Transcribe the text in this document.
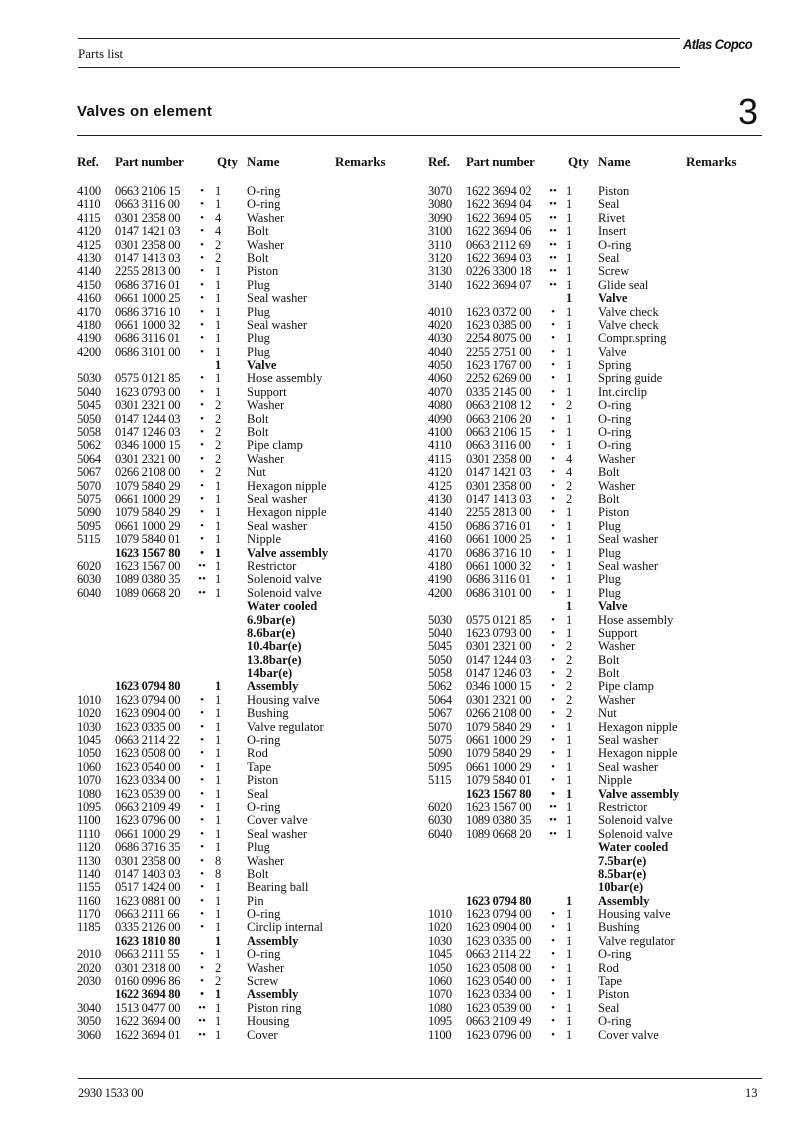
Parts list
Atlas Copco
Valves on element	3
Ref. Part number	Qty Name	Remarks
4100 0663 2106 15	• 1 O-ring
4110 0663 3116 00	• 1 O-ring
4115 0301 2358 00	• 4 Washer
4120 0147 1421 03	• 4 Bolt
4125 0301 2358 00	• 2 Washer
4130 0147 1413 03	• 2 Bolt
4140 2255 2813 00	• 1 Piston
4150 0686 3716 01	• 1 Plug
4160 0661 1000 25	• 1 Seal washer
4170 0686 3716 10	• 1 Plug
4180 0661 1000 32	• 1 Seal washer
4190 0686 3116 01	• 1 Plug
4200 0686 3101 00	• 1 Plug
1 Valve
5030 0575 0121 85	• 1 Hose assembly
5040 1623 0793 00	• 1 Support
5045 0301 2321 00	• 2 Washer
5050 0147 1244 03	• 2 Bolt
5058 0147 1246 03	• 2 Bolt
5062 0346 1000 15	• 2 Pipe clamp
5064 0301 2321 00	• 2 Washer
5067 0266 2108 00	• 2 Nut
5070 1079 5840 29	• 1 Hexagon nipple
5075 0661 1000 29	• 1 Seal washer
5090 1079 5840 29	• 1 Hexagon nipple
5095 0661 1000 29	• 1 Seal washer
5115 1079 5840 01	• 1 Nipple
1623 1567 80	• 1 Valve assembly
6020 1623 1567 00 •• 1 Restrictor
6030 1089 0380 35 •• 1 Solenoid valve
6040 1089 0668 20 •• 1 Solenoid valve
Water cooled
6.9bar(e)
8.6bar(e)
10.4bar(e)
13.8bar(e)
14bar(e)
1623 0794 80	1 Assembly
1010 1623 0794 00	• 1 Housing valve
1020 1623 0904 00	• 1 Bushing
1030 1623 0335 00	• 1 Valve regulator
1045 0663 2114 22	• 1 O-ring
1050 1623 0508 00	• 1 Rod
1060 1623 0540 00	• 1 Tape
1070 1623 0334 00	• 1 Piston
1080 1623 0539 00	• 1 Seal
1095 0663 2109 49	• 1 O-ring
1100 1623 0796 00	• 1 Cover valve
1110 0661 1000 29	• 1 Seal washer
1120 0686 3716 35	• 1 Plug
1130 0301 2358 00	• 8 Washer
1140 0147 1403 03	• 8 Bolt
1155 0517 1424 00	• 1 Bearing ball
1160 1623 0881 00	• 1 Pin
1170 0663 2111 66	• 1 O-ring
1185 0335 2126 00	• 1 Circlip internal
1623 1810 80	1 Assembly
2010 0663 2111 55	• 1 O-ring
2020 0301 2318 00	• 2 Washer
2030 0160 0996 86	• 2 Screw
1622 3694 80	• 1 Assembly
3040 1513 0477 00 •• 1 Piston ring
3050 1622 3694 00 •• 1 Housing
3060 1622 3694 01 •• 1 Cover
Ref. Part number	Qty Name	Remarks
3070 1622 3694 02 •• 1 Piston
3080 1622 3694 04 •• 1 Seal
3090 1622 3694 05 •• 1 Rivet
3100 1622 3694 06 •• 1 Insert
3110 0663 2112 69 •• 1 O-ring
3120 1622 3694 03 •• 1 Seal
3130 0226 3300 18 •• 1 Screw
3140 1622 3694 07 •• 1 Glide seal
1 Valve
4010 1623 0372 00	• 1 Valve check
4020 1623 0385 00	• 1 Valve check
4030 2254 8075 00	• 1 Compr.spring
4040 2255 2751 00	• 1 Valve
4050 1623 1767 00	• 1 Spring
4060 2252 6269 00	• 1 Spring guide
4070 0335 2145 00	• 1 Int.circlip
4080 0663 2108 12	• 2 O-ring
4090 0663 2106 20	• 1 O-ring
4100 0663 2106 15	• 1 O-ring
4110 0663 3116 00	• 1 O-ring
4115 0301 2358 00	• 4 Washer
4120 0147 1421 03	• 4 Bolt
4125 0301 2358 00	• 2 Washer
4130 0147 1413 03	• 2 Bolt
4140 2255 2813 00	• 1 Piston
4150 0686 3716 01	• 1 Plug
4160 0661 1000 25	• 1 Seal washer
4170 0686 3716 10	• 1 Plug
4180 0661 1000 32	• 1 Seal washer
4190 0686 3116 01	• 1 Plug
4200 0686 3101 00	• 1 Plug
1 Valve
5030 0575 0121 85	• 1 Hose assembly
5040 1623 0793 00	• 1 Support
5045 0301 2321 00	• 2 Washer
5050 0147 1244 03	• 2 Bolt
5058 0147 1246 03	• 2 Bolt
5062 0346 1000 15	• 2 Pipe clamp
5064 0301 2321 00	• 2 Washer
5067 0266 2108 00	• 2 Nut
5070 1079 5840 29	• 1 Hexagon nipple
5075 0661 1000 29	• 1 Seal washer
5090 1079 5840 29	• 1 Hexagon nipple
5095 0661 1000 29	• 1 Seal washer
5115 1079 5840 01	• 1 Nipple
1623 1567 80	• 1 Valve assembly
6020 1623 1567 00 •• 1 Restrictor
6030 1089 0380 35 •• 1 Solenoid valve
6040 1089 0668 20 •• 1 Solenoid valve
Water cooled
7.5bar(e)
8.5bar(e)
10bar(e)
1623 0794 80	1 Assembly
1010 1623 0794 00	• 1 Housing valve
1020 1623 0904 00	• 1 Bushing
1030 1623 0335 00	• 1 Valve regulator
1045 0663 2114 22	• 1 O-ring
1050 1623 0508 00	• 1 Rod
1060 1623 0540 00	• 1 Tape
1070 1623 0334 00	• 1 Piston
1080 1623 0539 00	• 1 Seal
1095 0663 2109 49	• 1 O-ring
1100 1623 0796 00	• 1 Cover valve
2930 1533 00	13
